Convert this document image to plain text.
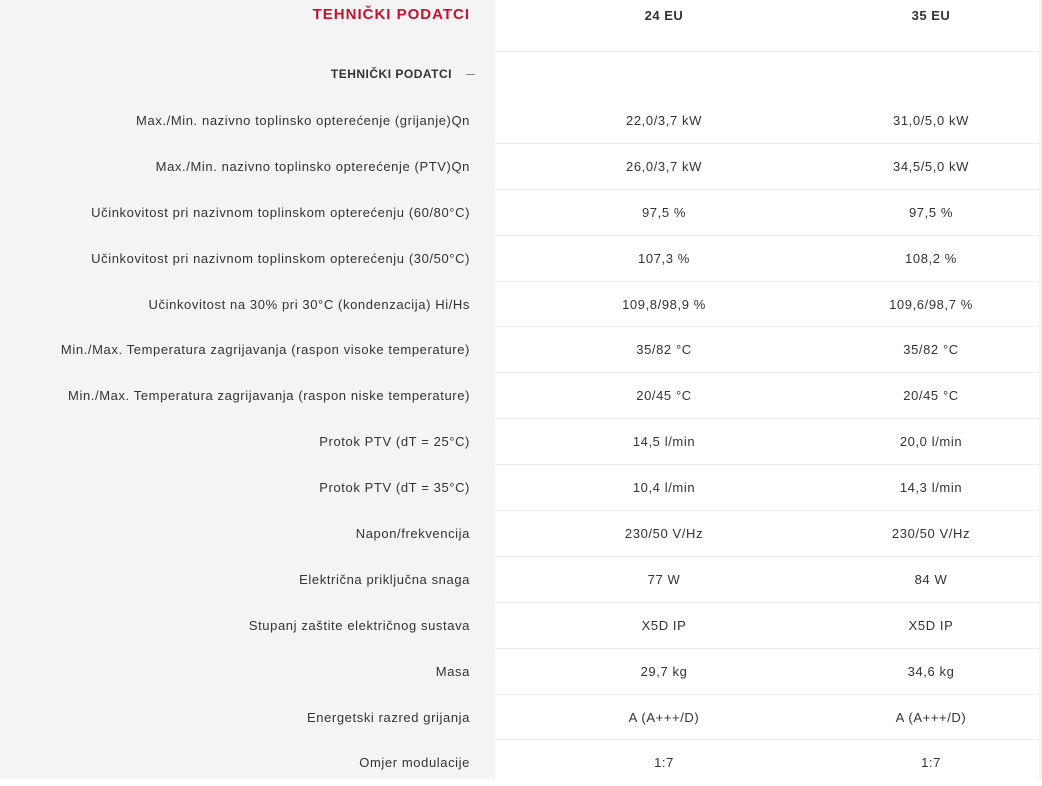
TEHNIČKI PODATCI	24 EU	35 EU
TEHNIČKI PODATCI
Max./Min. nazivno toplinsko opterećenje (grijanje)Qn	22,0/3,7 kW	31,0/5,0 kW
Max./Min. nazivno toplinsko opterećenje (PTV)Qn	26,0/3,7 kW	34,5/5,0 kW
Učinkovitost pri nazivnom toplinskom opterećenju (60/80°C)	97,5 %	97,5 %
Učinkovitost pri nazivnom toplinskom opterećenju (30/50°C)	107,3 %	108,2 %
Učinkovitost na 30% pri 30°C (kondenzacija) Hi/Hs	109,8/98,9 %	109,6/98,7 %
Min./Max. Temperatura zagrijavanja (raspon visoke temperature)	35/82 °C	35/82 °C
Min./Max. Temperatura zagrijavanja (raspon niske temperature)	20/45 °C	20/45 °C
Protok PTV (dT = 25°C)	14,5 l/min	20,0 l/min
Protok PTV (dT = 35°C)	10,4 l/min	14,3 l/min
Napon/frekvencija	230/50 V/Hz	230/50 V/Hz
Električna priključna snaga	77 W	84 W
Stupanj zaštite električnog sustava	X5D IP	X5D IP
Masa	29,7 kg	34,6 kg
Energetski razred grijanja	A (A+++/D)	A (A+++/D)
Omjer modulacije	1:7	1:7
